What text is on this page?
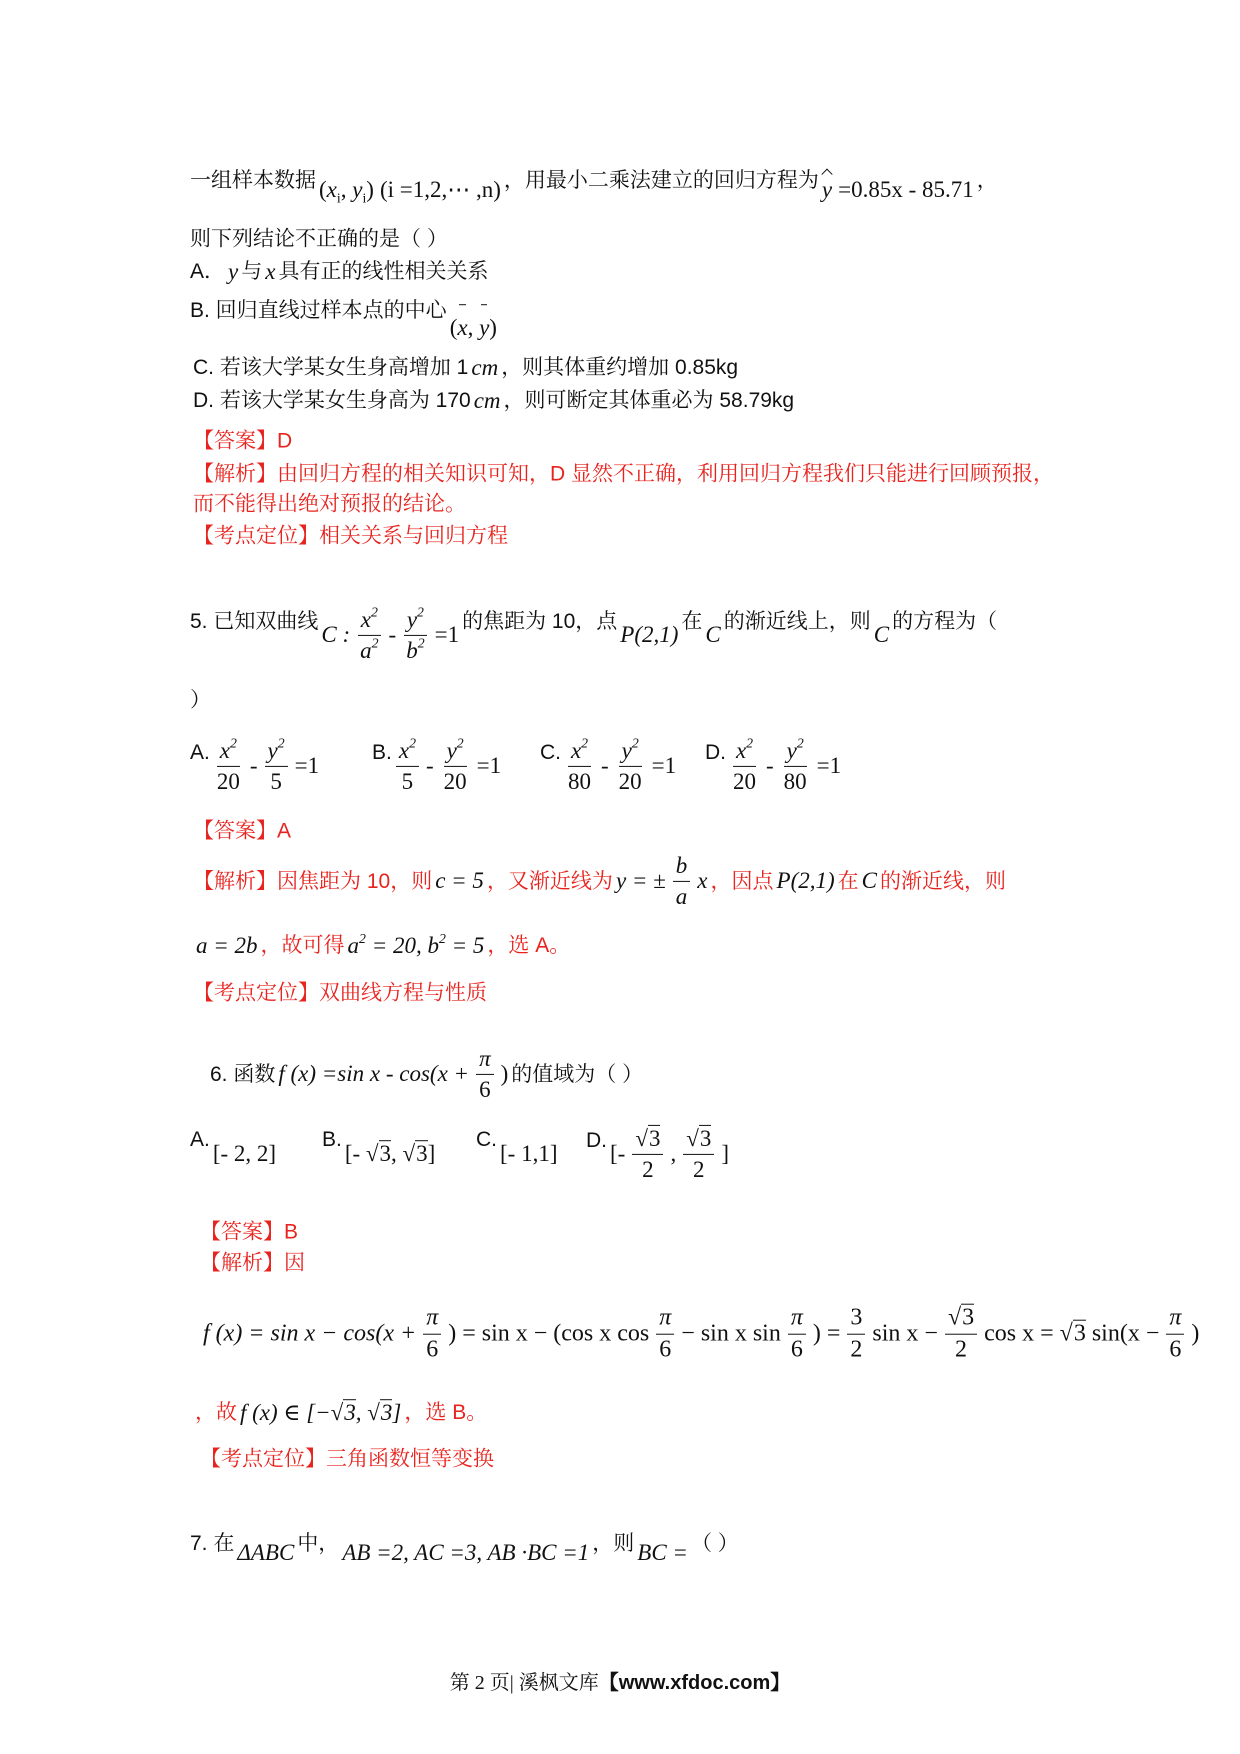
一组样本数据 ($x_i$, $y_i$) (i =1,2,⋯ ,n) ，用最小二乘法建立的回归方程为 y =0.85x - 85.71 ，
则下列结论不正确的是（ ）
A． y 与 x 具有正的线性相关关系
B. 回归直线过样本点的中心
(x, y)
C. 若该大学某女生身高增加 1 cm ，则其体重约增加 0.85kg
D. 若该大学某女生身高为 170 cm ，则可断定其体重必为 58.79kg
【答案】D
【解析】由回归方程的相关知识可知，D 显然不正确，利用回归方程我们只能进行回顾预报，
而不能得出绝对预报的结论。
【考点定位】相关关系与回归方程
5. 已知双曲线
C : $\frac{x^2}{a^2} - \frac{y^2}{b^2} =1$
的焦距为 10，点
P(2,1)
在
C
的渐近线上，则
C
的方程为（
）
A. $\frac{x^2}{20} - \frac{y^2}{5} =1$
B. $\frac{x^2}{5} - \frac{y^2}{20} =1$
C. $\frac{x^2}{80} - \frac{y^2}{20} =1$
D. $\frac{x^2}{20} - \frac{y^2}{80} =1$
【答案】A
【解析】因焦距为 10，则 c = 5 ，又渐近线为 y = ± $\frac{b}{a}$ x ，因点 P(2,1) 在 C 的渐近线，则
a = 2b ，故可得 $a^2 = 20$, $b^2 = 5$ ，选 A。
【考点定位】双曲线方程与性质
6. 函数 f (x) =sin $x - \cos(x + \frac{\pi}{6}$ ) 的值域为（ ）
A.
[- 2, 2]
B.
[- √3, √3]
C.
[- 1,1]
D.
[- $\frac{√3}{2}$ , $\frac{√3}{2}$ ]
【答案】B
【解析】因
f $(x) = \sin x - \cos(x + \frac{\pi}{6}$ ) = sin x − (cos x $\cos \frac{\pi}{6} - \sin x$ $\sin \frac{\pi}{6}$ ) = $\frac{3}{2}$ $\sin x - \frac{√3}{2}$ cos x = √3 $\sin(x - \frac{\pi}{6}$ )
，故 f (x) ∈ [−√3, √3] ，选 B。
【考点定位】三角函数恒等变换
7. 在 ΔABC 中， AB =2, AC =3, AB ·BC =1 ，则 BC = （ ）
第 2 页 | 溪枫文库 【www.xfdoc.com】
